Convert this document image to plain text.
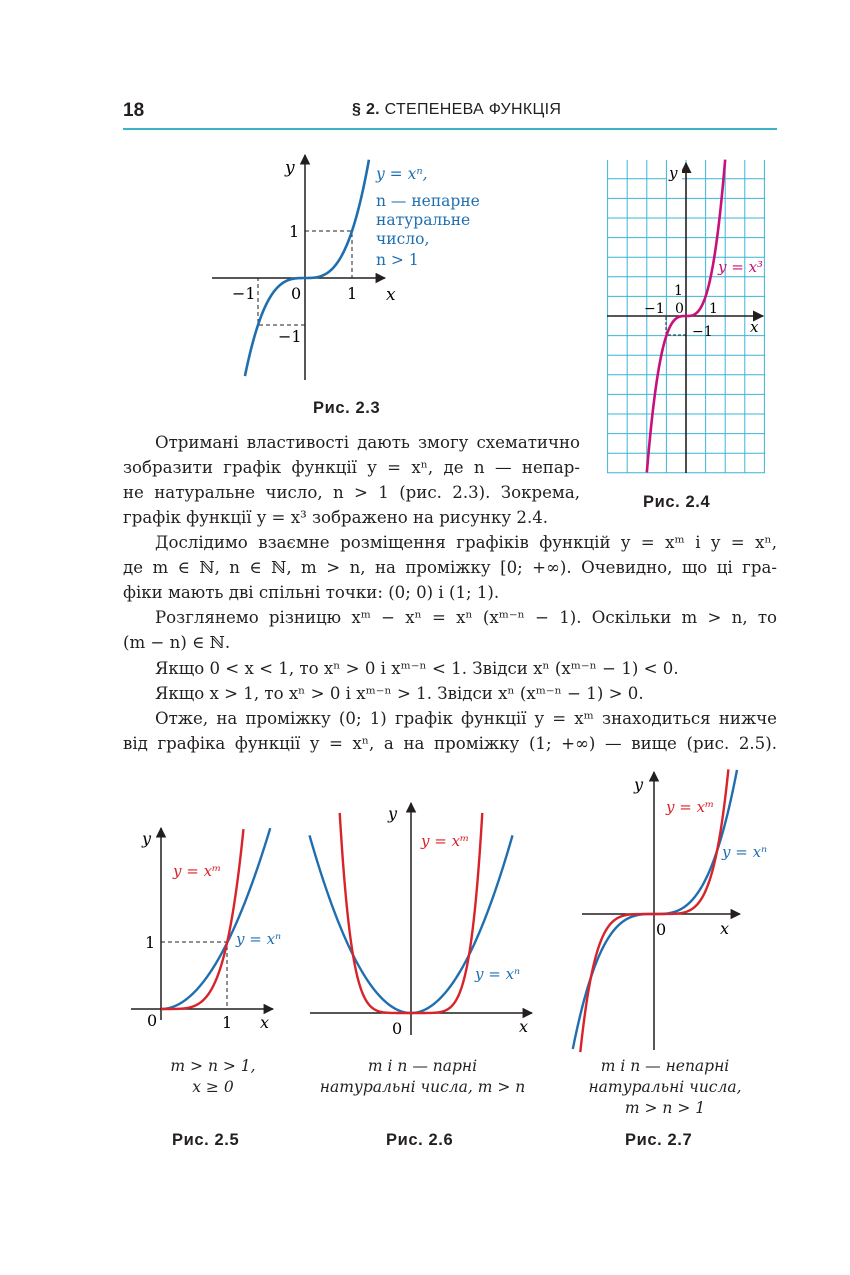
18	§ 2. СТЕПЕНЕВА ФУНКЦІЯ
y
x
1
−1 0
1
−1
y = xⁿ,
n — непарне
натуральне
число,
n > 1
Рис. 2.3
y
x
1
−1 0 1
−1
y = x³
Рис. 2.4
Отримані властивості дають змогу схематично
зобразити графік функції y = xⁿ, де n — непар-
не натуральне число, n > 1 (рис. 2.3). Зокрема,
графік функції y = x³ зображено на рисунку 2.4.
Дослідимо взаємне розміщення графіків функцій y = xᵐ і y = xⁿ,
де m ∈ ℕ, n ∈ ℕ, m > n, на проміжку [0; +∞). Очевидно, що ці гра-
фіки мають дві спільні точки: (0; 0) і (1; 1).
Розглянемо різницю xᵐ − xⁿ = xⁿ (xᵐ⁻ⁿ − 1). Оскільки m > n, то
(m − n) ∈ ℕ.
Якщо 0 < x < 1, то xⁿ > 0 і xᵐ⁻ⁿ < 1. Звідси xⁿ (xᵐ⁻ⁿ − 1) < 0.
Якщо x > 1, то xⁿ > 0 і xᵐ⁻ⁿ > 1. Звідси xⁿ (xᵐ⁻ⁿ − 1) > 0.
Отже, на проміжку (0; 1) графік функції y = xᵐ знаходиться нижче
від графіка функції y = xⁿ, а на проміжку (1; +∞) — вище (рис. 2.5).
y
x
0	1
1
y = xᵐ
y = xⁿ
m > n > 1,
x ≥ 0
Рис. 2.5
y
x
0
y = xᵐ
y = xⁿ
m і n — парні
натуральні числа, m > n
Рис. 2.6
y
x
0
y = xᵐ
y = xⁿ
m і n — непарні
натуральні числа,
m > n > 1
Рис. 2.7
